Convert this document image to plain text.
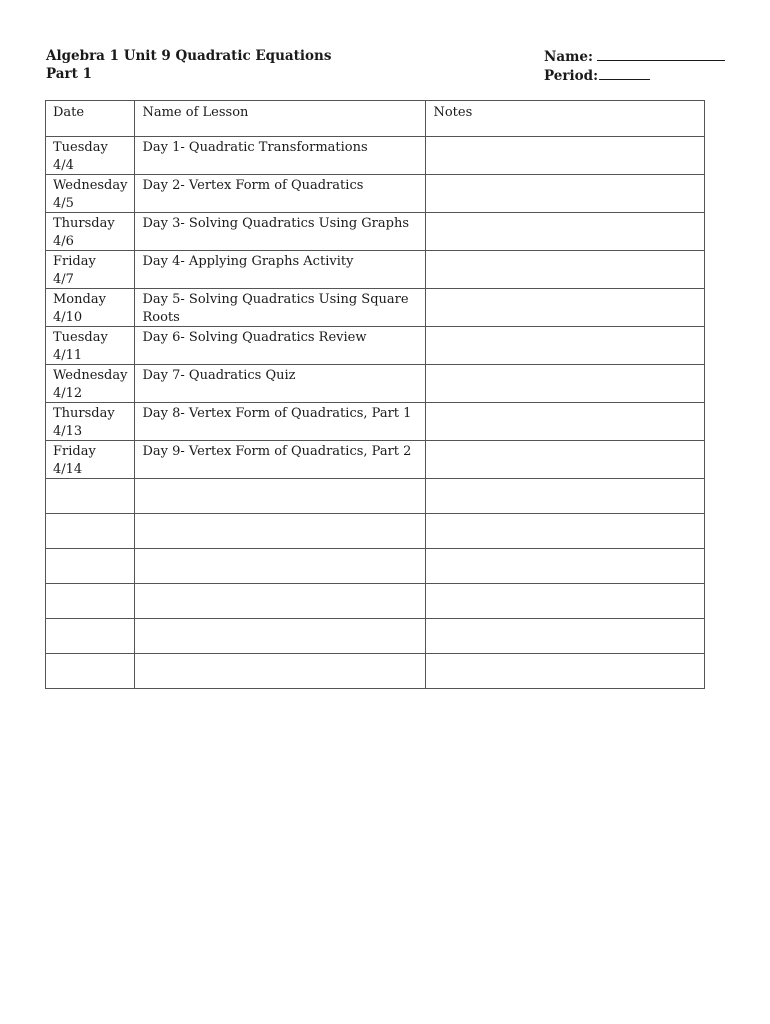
Algebra 1 Unit 9 Quadratic Equations
Part 1
Name:
Period:
Date	Name of Lesson	Notes

Tuesday
4/4	Day 1- Quadratic Transformations	

Wednesday
4/5	Day 2- Vertex Form of Quadratics	

Thursday
4/6	Day 3- Solving Quadratics Using Graphs	

Friday
4/7	Day 4- Applying Graphs Activity	

Monday
4/10	Day 5- Solving Quadratics Using Square Roots	

Tuesday
4/11	Day 6- Solving Quadratics Review	

Wednesday
4/12	Day 7- Quadratics Quiz	

Thursday
4/13	Day 8- Vertex Form of Quadratics, Part 1	

Friday
4/14	Day 9- Vertex Form of Quadratics, Part 2	
